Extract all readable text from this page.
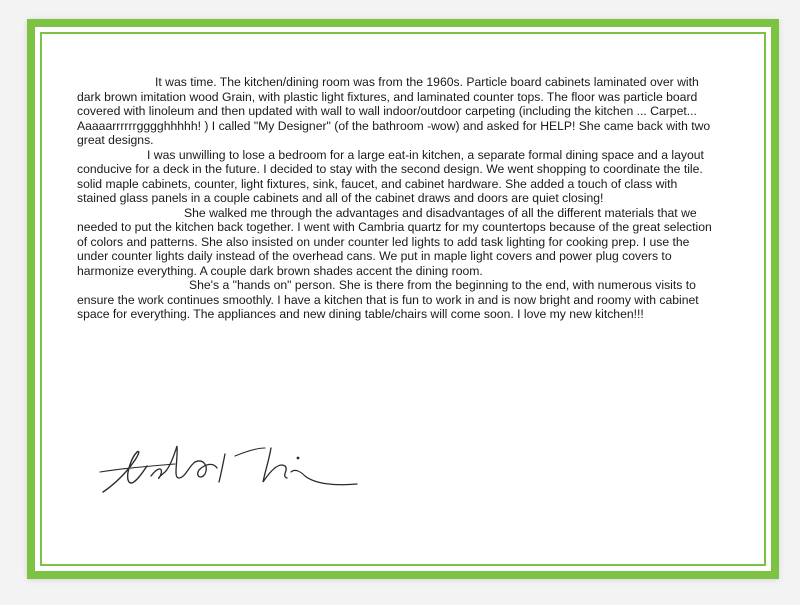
It was time. The kitchen/dining room was from the 1960s. Particle board cabinets laminated over with dark brown imitation wood Grain, with plastic light fixtures, and laminated counter tops. The floor was particle board covered with linoleum and then updated with wall to wall indoor/outdoor carpeting (including the kitchen ... Carpet... Aaaaarrrrrrgggghhhhh! ) I called "My Designer" (of the bathroom -wow) and asked for HELP! She came back with two great designs.

I was unwilling to lose a bedroom for a large eat-in kitchen, a separate formal dining space and a layout conducive for a deck in the future. I decided to stay with the second design. We went shopping to coordinate the tile. solid maple cabinets, counter, light fixtures, sink, faucet, and cabinet hardware. She added a touch of class with stained glass panels in a couple cabinets and all of the cabinet draws and doors are quiet closing!

She walked me through the advantages and disadvantages of all the different materials that we needed to put the kitchen back together. I went with Cambria quartz for my countertops because of the great selection of colors and patterns. She also insisted on under counter led lights to add task lighting for cooking prep. I use the under counter lights daily instead of the overhead cans. We put in maple light covers and power plug covers to harmonize everything. A couple dark brown shades accent the dining room.

She's a "hands on" person. She is there from the beginning to the end, with numerous visits to ensure the work continues smoothly. I have a kitchen that is fun to work in and is now bright and roomy with cabinet space for everything. The appliances and new dining table/chairs will come soon. I love my new kitchen!!!
